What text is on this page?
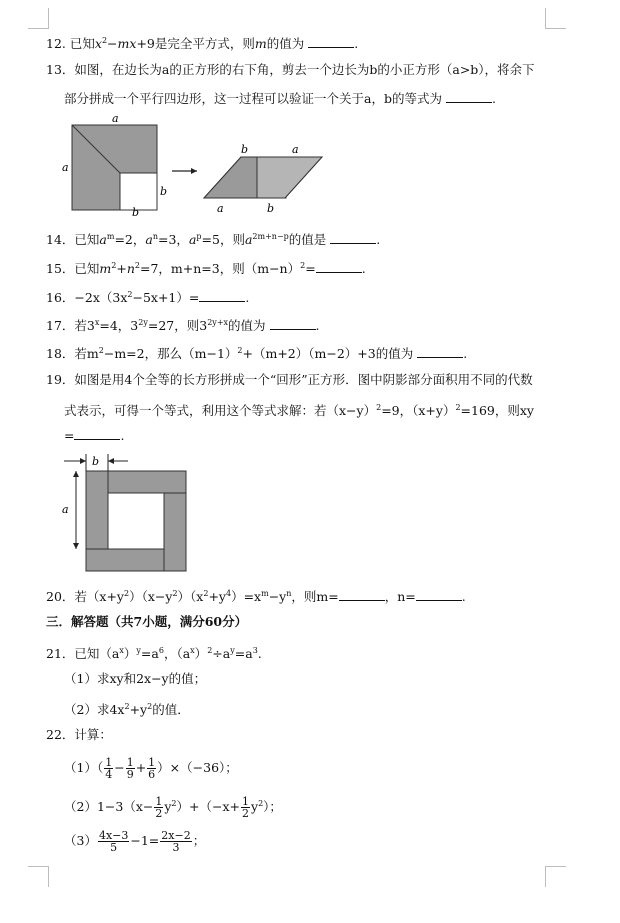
12. 已知$x^2-mx+9$是完全平方式，则m的值为	.
13．如图，在边长为a的正方形的右下角，剪去一个边长为b的小正方形（a>b），将余下
部分拼成一个平行四边形，这一过程可以验证一个关于a，b的等式为	.
a
a
b
b
b	a
a	b
14．已知$a^m=2$，$a^n=3$，$a^p=5$，则$a^{2m+n-p}$的值是	.
15．已知$m^2+n^2=7$，m+n=3，则$(m-n)^2=$	.
16．$-2x(3x^2-5x+1)=$	.
17．若$3^x=4$，$3^{2y}=27$，则$3^{2y+x}$的值为	.
18．若$m^2-m=2$，那么$(m-1)^2+(m+2)(m-2)+3$的值为	.
19．如图是用4个全等的长方形拼成一个“回形”正方形．图中阴影部分面积用不同的代数
式表示，可得一个等式，利用这个等式求解：若$(x-y)^2=9$，$(x+y)^2=169$，则xy
=	.
b
a
20．若$(x+y^2)(x-y^2)(x^2+y^4)=x^m-y^n$，则m=	，n=	.
三．解答题（共7小题，满分60分）
21．已知$(a^x)^y=a^6$，$(a^x)^2\div a^y=a^3$.
（1）求xy和2x−y的值；
（2）求$4x^2+y^2$的值．
22．计算：
$(1)( \frac{1}{4} - \frac{1}{9} + \frac{1}{6} )\times(-36)$；
$(2)1-3(x- \frac{1}{2} y^2)+(-x+ \frac{1}{2} y^2)$；
$(3) \frac{4x-3}{5} -1= \frac{2x-2}{3}$ ；
